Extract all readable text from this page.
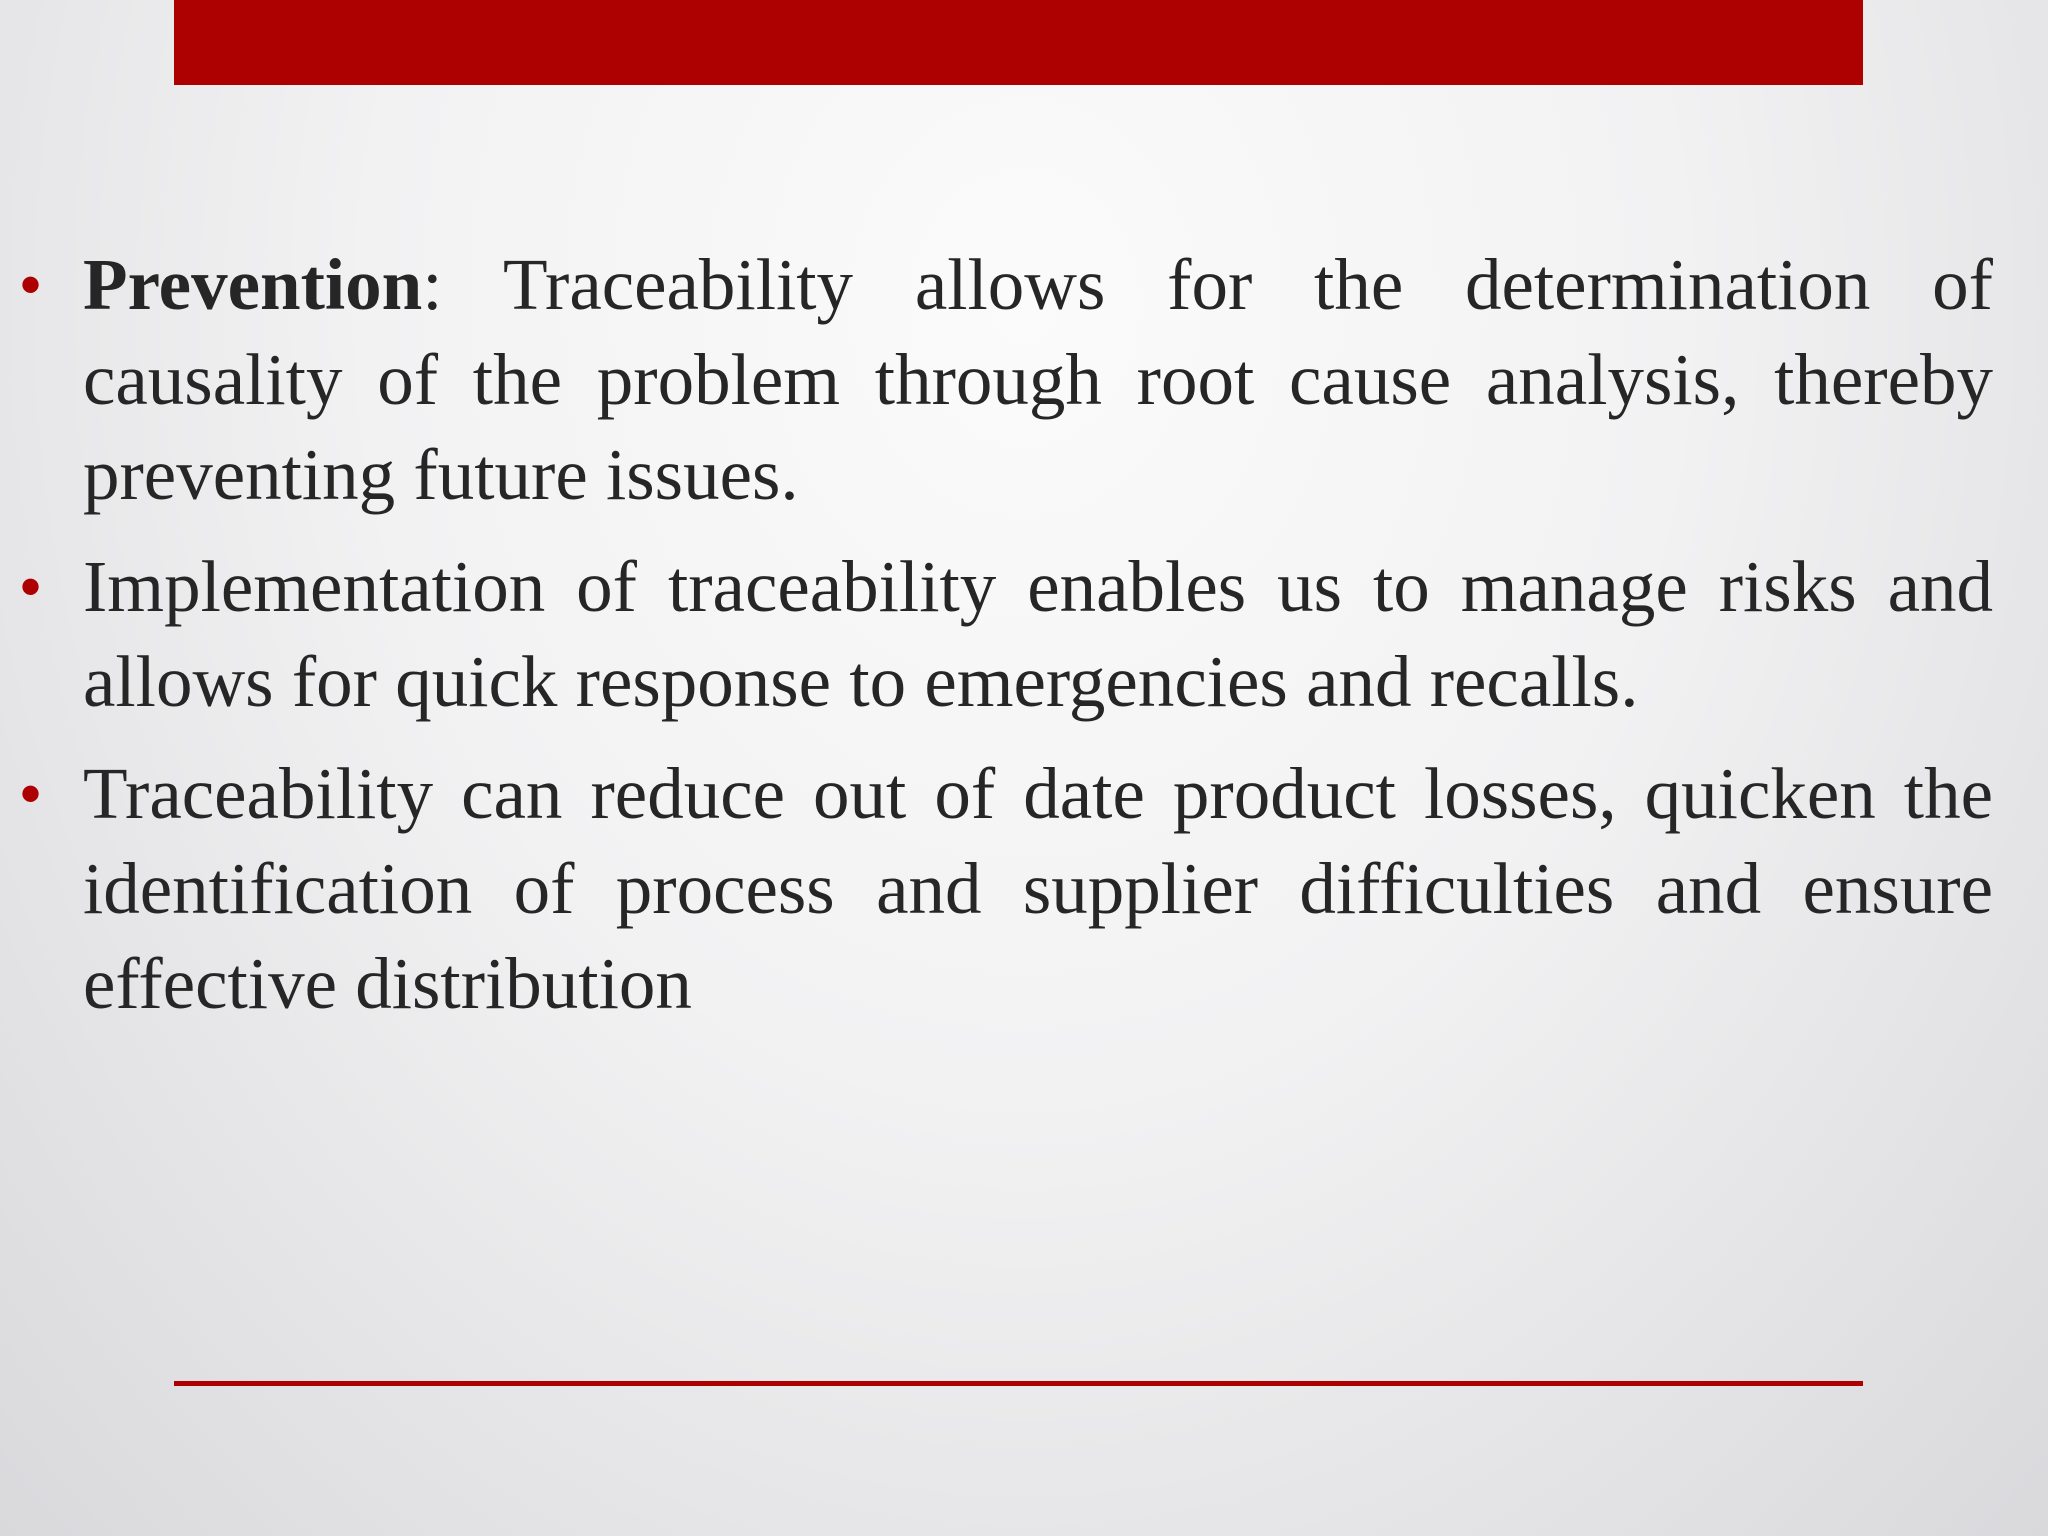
• Prevention: Traceability allows for the determination of causality of the problem through root cause analysis, thereby preventing future issues.
• Implementation of traceability enables us to manage risks and allows for quick response to emergencies and recalls.
• Traceability can reduce out of date product losses, quicken the identification of process and supplier difficulties and ensure effective distribution
